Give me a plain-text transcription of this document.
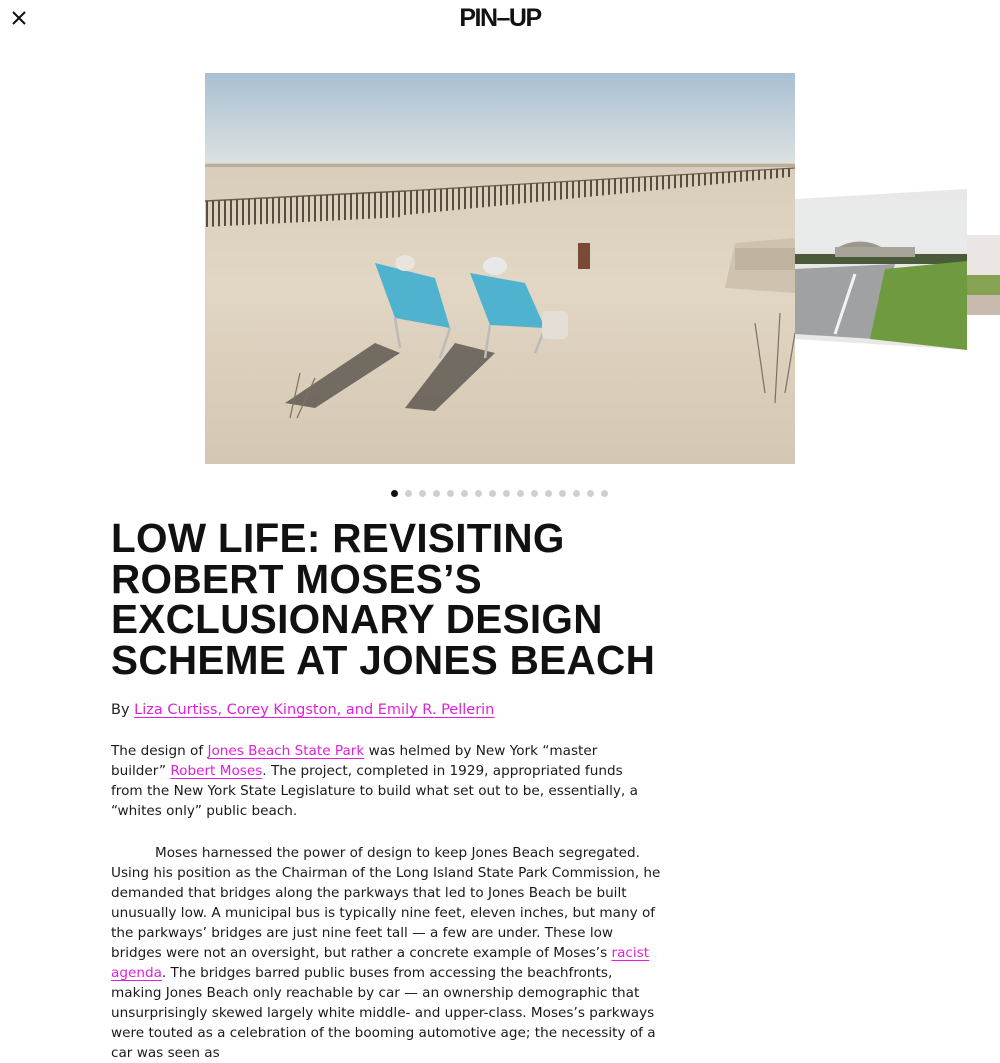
PIN–UP
LOW LIFE: REVISITING ROBERT MOSES’S EXCLUSIONARY DESIGN SCHEME AT JONES BEACH
By Liza Curtiss, Corey Kingston, and Emily R. Pellerin

The design of Jones Beach State Park was helmed by New York “master builder” Robert Moses. The project, completed in 1929, appropriated funds from the New York State Legislature to build what set out to be, essentially, a “whites only” public beach.

Moses harnessed the power of design to keep Jones Beach segregated. Using his position as the Chairman of the Long Island State Park Commission, he demanded that bridges along the parkways that led to Jones Beach be built unusually low. A municipal bus is typically nine feet, eleven inches, but many of the parkways’ bridges are just nine feet tall — a few are under. These low bridges were not an oversight, but rather a concrete example of Moses’s racist agenda. The bridges barred public buses from accessing the beachfronts, making Jones Beach only reachable by car — an ownership demographic that unsurprisingly skewed largely white middle- and upper-class. Moses’s parkways were touted as a celebration of the booming automotive age; the necessity of a car was seen as
